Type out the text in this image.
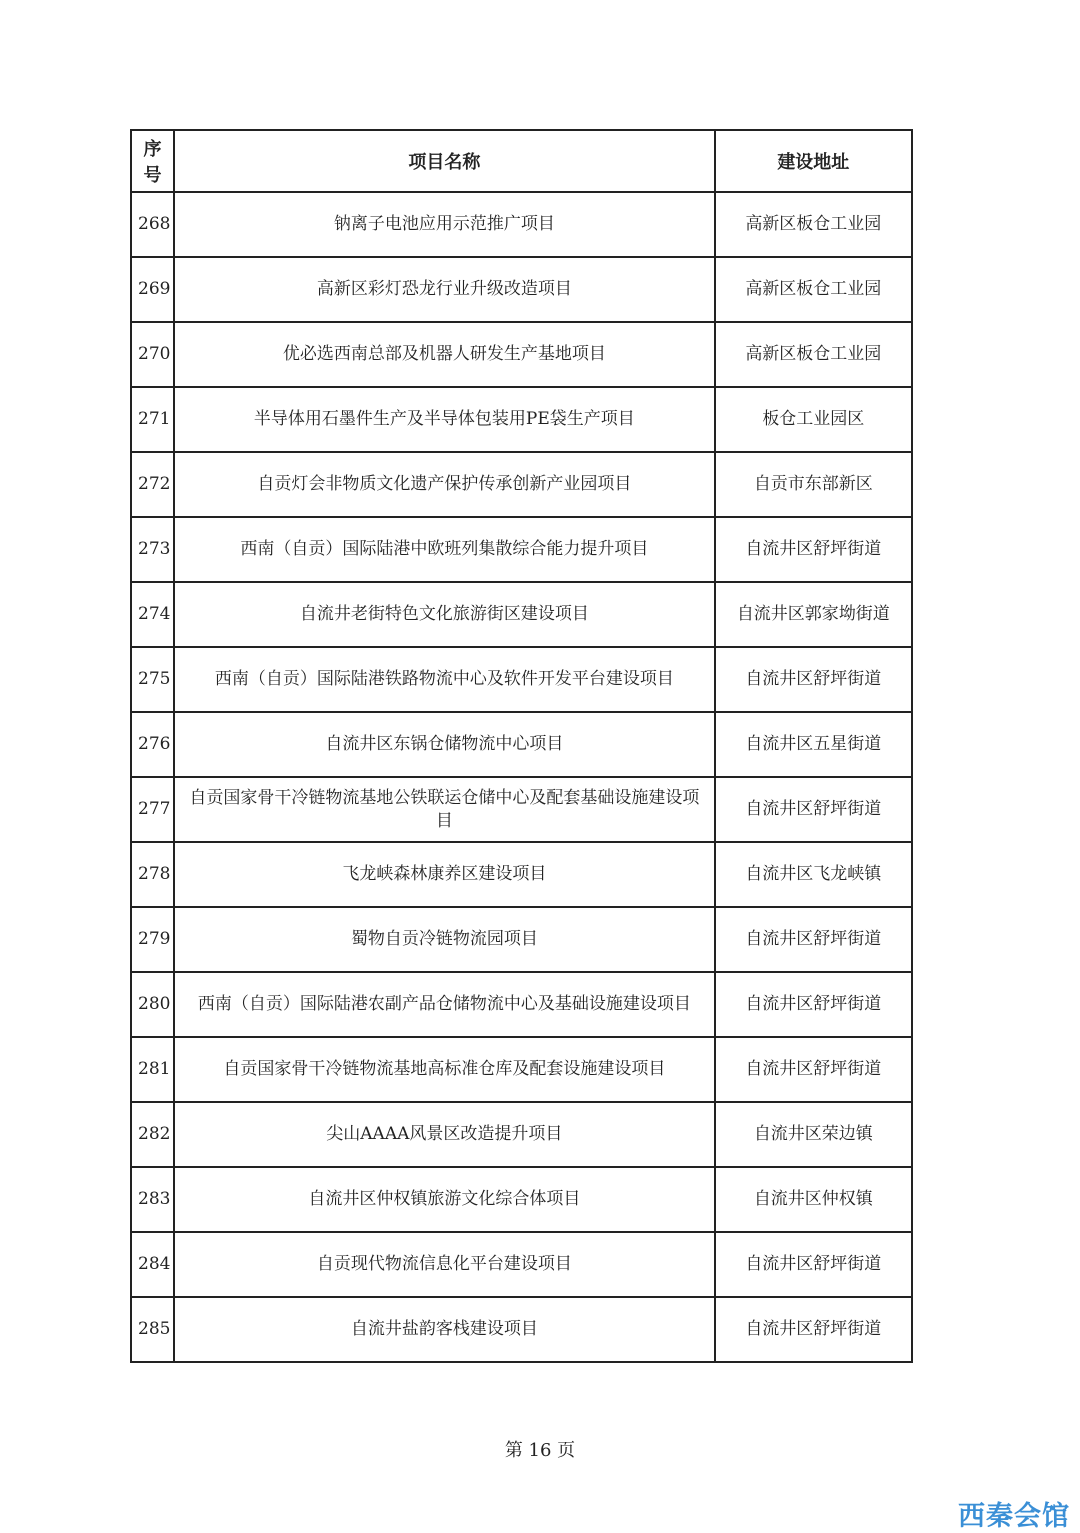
序号	项目名称	建设地址
268	钠离子电池应用示范推广项目	高新区板仓工业园
269	高新区彩灯恐龙行业升级改造项目	高新区板仓工业园
270	优必选西南总部及机器人研发生产基地项目	高新区板仓工业园
271	半导体用石墨件生产及半导体包装用PE袋生产项目	板仓工业园区
272	自贡灯会非物质文化遗产保护传承创新产业园项目	自贡市东部新区
273	西南（自贡）国际陆港中欧班列集散综合能力提升项目	自流井区舒坪街道
274	自流井老街特色文化旅游街区建设项目	自流井区郭家坳街道
275	西南（自贡）国际陆港铁路物流中心及软件开发平台建设项目	自流井区舒坪街道
276	自流井区东锅仓储物流中心项目	自流井区五星街道
277	自贡国家骨干冷链物流基地公铁联运仓储中心及配套基础设施建设项目	自流井区舒坪街道
278	飞龙峡森林康养区建设项目	自流井区飞龙峡镇
279	蜀物自贡冷链物流园项目	自流井区舒坪街道
280	西南（自贡）国际陆港农副产品仓储物流中心及基础设施建设项目	自流井区舒坪街道
281	自贡国家骨干冷链物流基地高标准仓库及配套设施建设项目	自流井区舒坪街道
282	尖山AAAA风景区改造提升项目	自流井区荣边镇
283	自流井区仲权镇旅游文化综合体项目	自流井区仲权镇
284	自贡现代物流信息化平台建设项目	自流井区舒坪街道
285	自流井盐韵客栈建设项目	自流井区舒坪街道
第 16 页
西秦会馆
